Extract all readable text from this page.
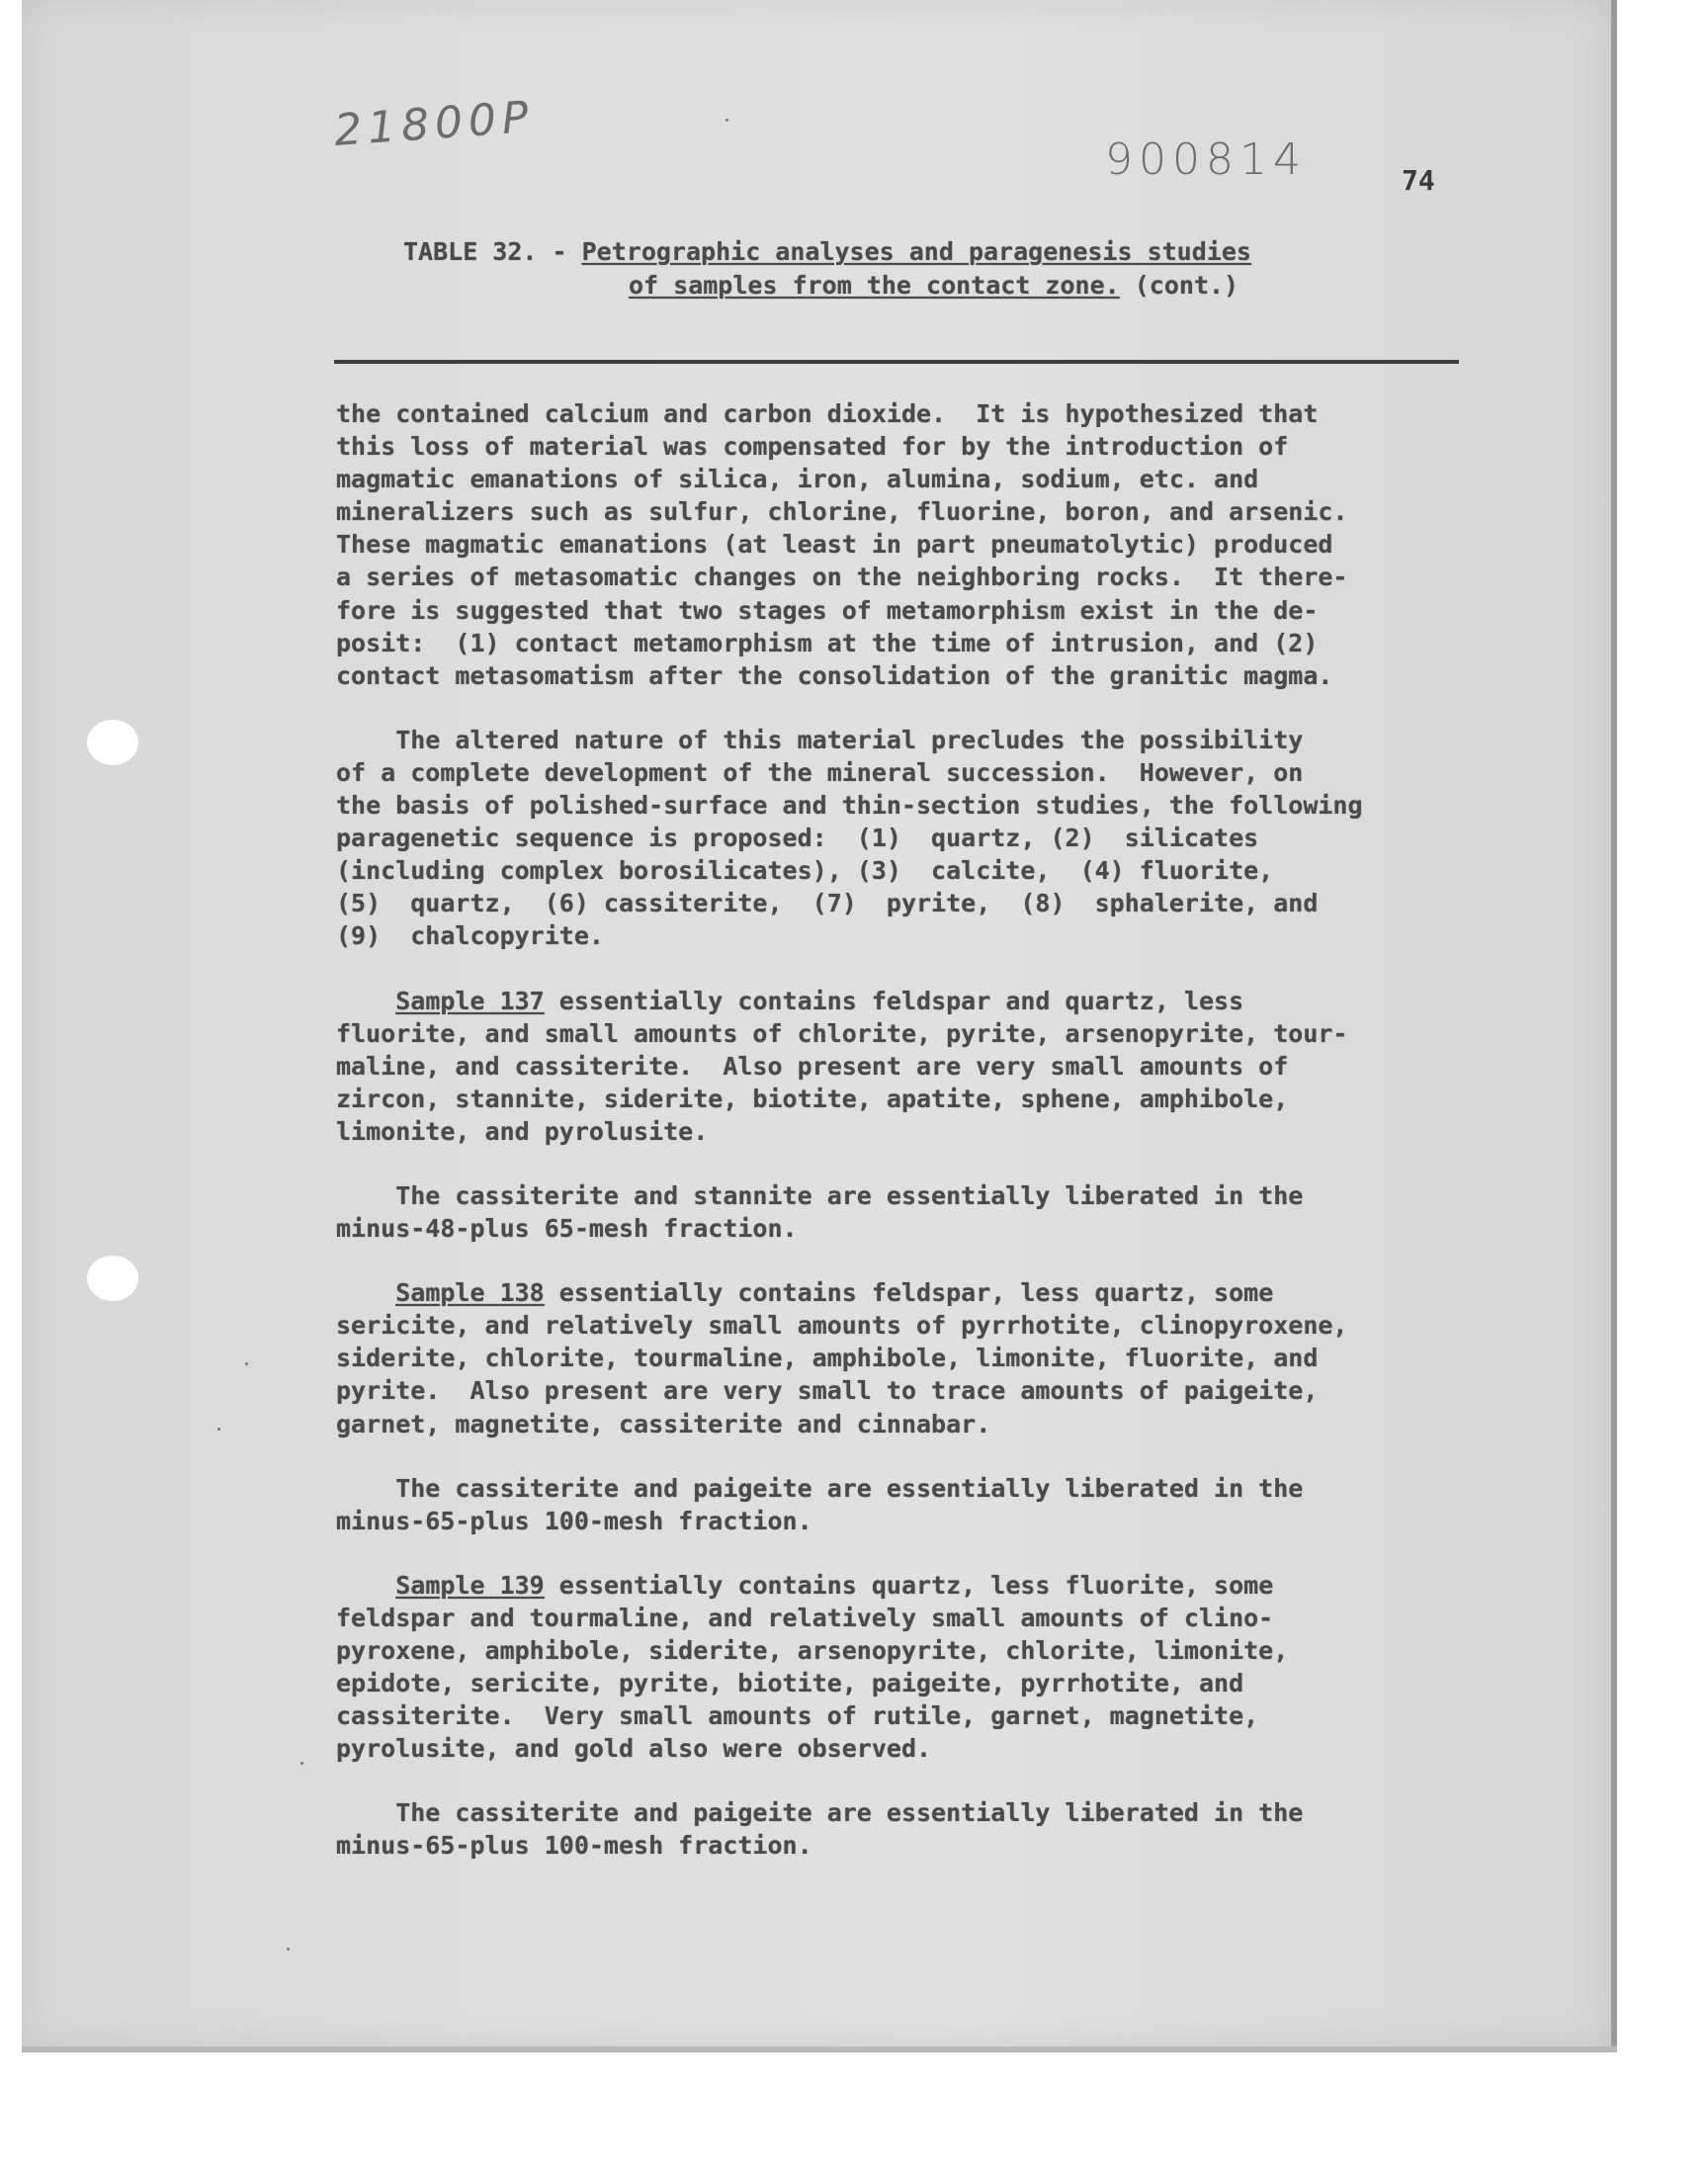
21800P
900814	74
TABLE 32. - Petrographic analyses and paragenesis studies
of samples from the contact zone. (cont.)
the contained calcium and carbon dioxide.  It is hypothesized that
this loss of material was compensated for by the introduction of
magmatic emanations of silica, iron, alumina, sodium, etc. and
mineralizers such as sulfur, chlorine, fluorine, boron, and arsenic.
These magmatic emanations (at least in part pneumatolytic) produced
a series of metasomatic changes on the neighboring rocks.  It there-
fore is suggested that two stages of metamorphism exist in the de-
posit:  (1) contact metamorphism at the time of intrusion, and (2)
contact metasomatism after the consolidation of the granitic magma.
The altered nature of this material precludes the possibility
of a complete development of the mineral succession.  However, on
the basis of polished-surface and thin-section studies, the following
paragenetic sequence is proposed:  (1)  quartz, (2)  silicates
(including complex borosilicates), (3)  calcite,  (4) fluorite,
(5)  quartz,  (6) cassiterite,  (7)  pyrite,  (8)  sphalerite, and
(9)  chalcopyrite.
Sample 137 essentially contains feldspar and quartz, less
fluorite, and small amounts of chlorite, pyrite, arsenopyrite, tour-
maline, and cassiterite.  Also present are very small amounts of
zircon, stannite, siderite, biotite, apatite, sphene, amphibole,
limonite, and pyrolusite.
The cassiterite and stannite are essentially liberated in the
minus-48-plus 65-mesh fraction.
Sample 138 essentially contains feldspar, less quartz, some
sericite, and relatively small amounts of pyrrhotite, clinopyroxene,
siderite, chlorite, tourmaline, amphibole, limonite, fluorite, and
pyrite.  Also present are very small to trace amounts of paigeite,
garnet, magnetite, cassiterite and cinnabar.
The cassiterite and paigeite are essentially liberated in the
minus-65-plus 100-mesh fraction.
Sample 139 essentially contains quartz, less fluorite, some
feldspar and tourmaline, and relatively small amounts of clino-
pyroxene, amphibole, siderite, arsenopyrite, chlorite, limonite,
epidote, sericite, pyrite, biotite, paigeite, pyrrhotite, and
cassiterite.  Very small amounts of rutile, garnet, magnetite,
pyrolusite, and gold also were observed.
The cassiterite and paigeite are essentially liberated in the
minus-65-plus 100-mesh fraction.
